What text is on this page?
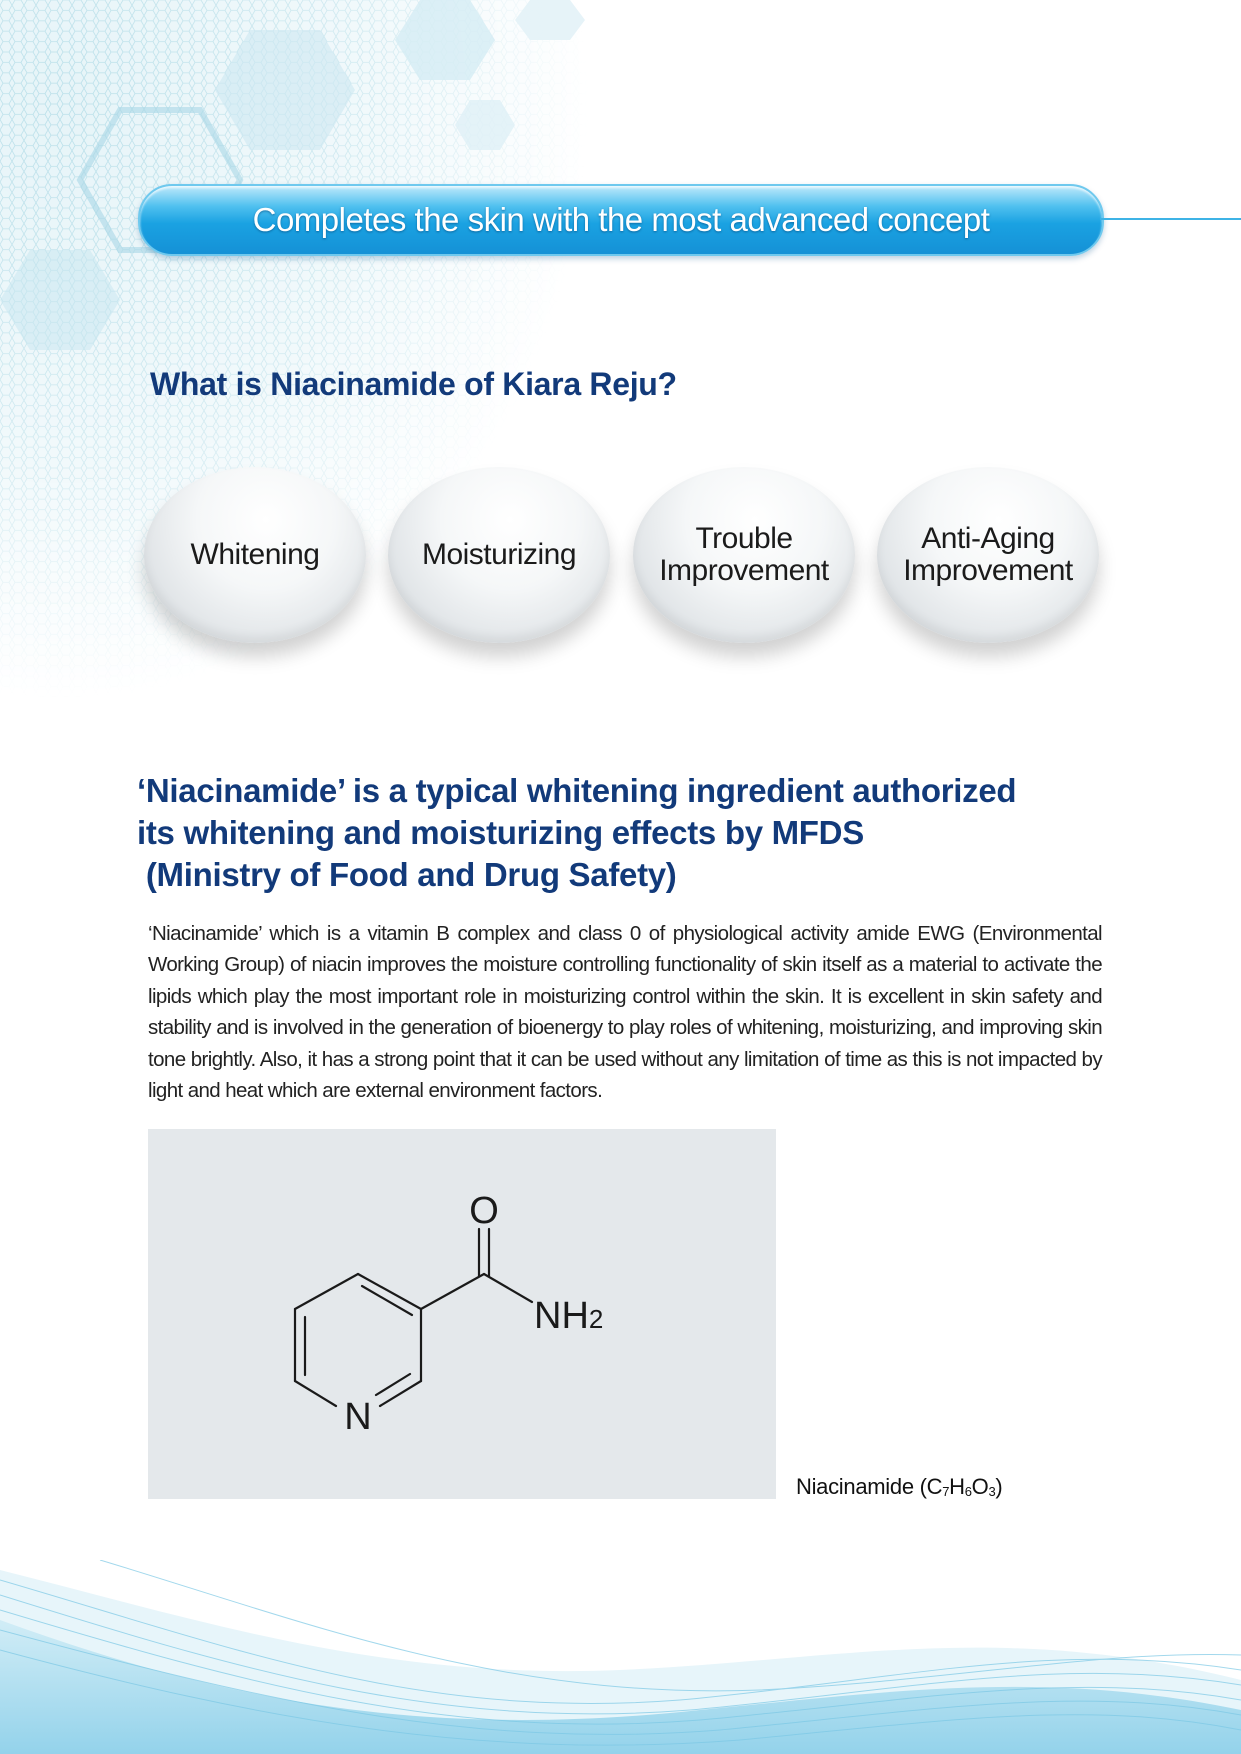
Completes the skin with the most advanced concept
What is Niacinamide of Kiara Reju?
Whitening	Moisturizing	Trouble
Improvement
Anti-Aging
Improvement
‘Niacinamide’ is a typical whitening ingredient authorized
its whitening and moisturizing effects by MFDS
(Ministry of Food and Drug Safety)
‘Niacinamide’ which is a vitamin B complex and class 0 of physiological activity amide EWG (Environmental Working Group) of niacin improves the moisture controlling functionality of skin itself as a material to activate the lipids which play the most important role in moisturizing control within the skin. It is excellent in skin safety and stability and is involved in the generation of bioenergy to play roles of whitening, moisturizing, and improving skin tone brightly. Also, it has a strong point that it can be used without any limitation of time as this is not impacted by light and heat which are external environment factors.
O
NH2
N
Niacinamide $(C_7H_6O_3)$
